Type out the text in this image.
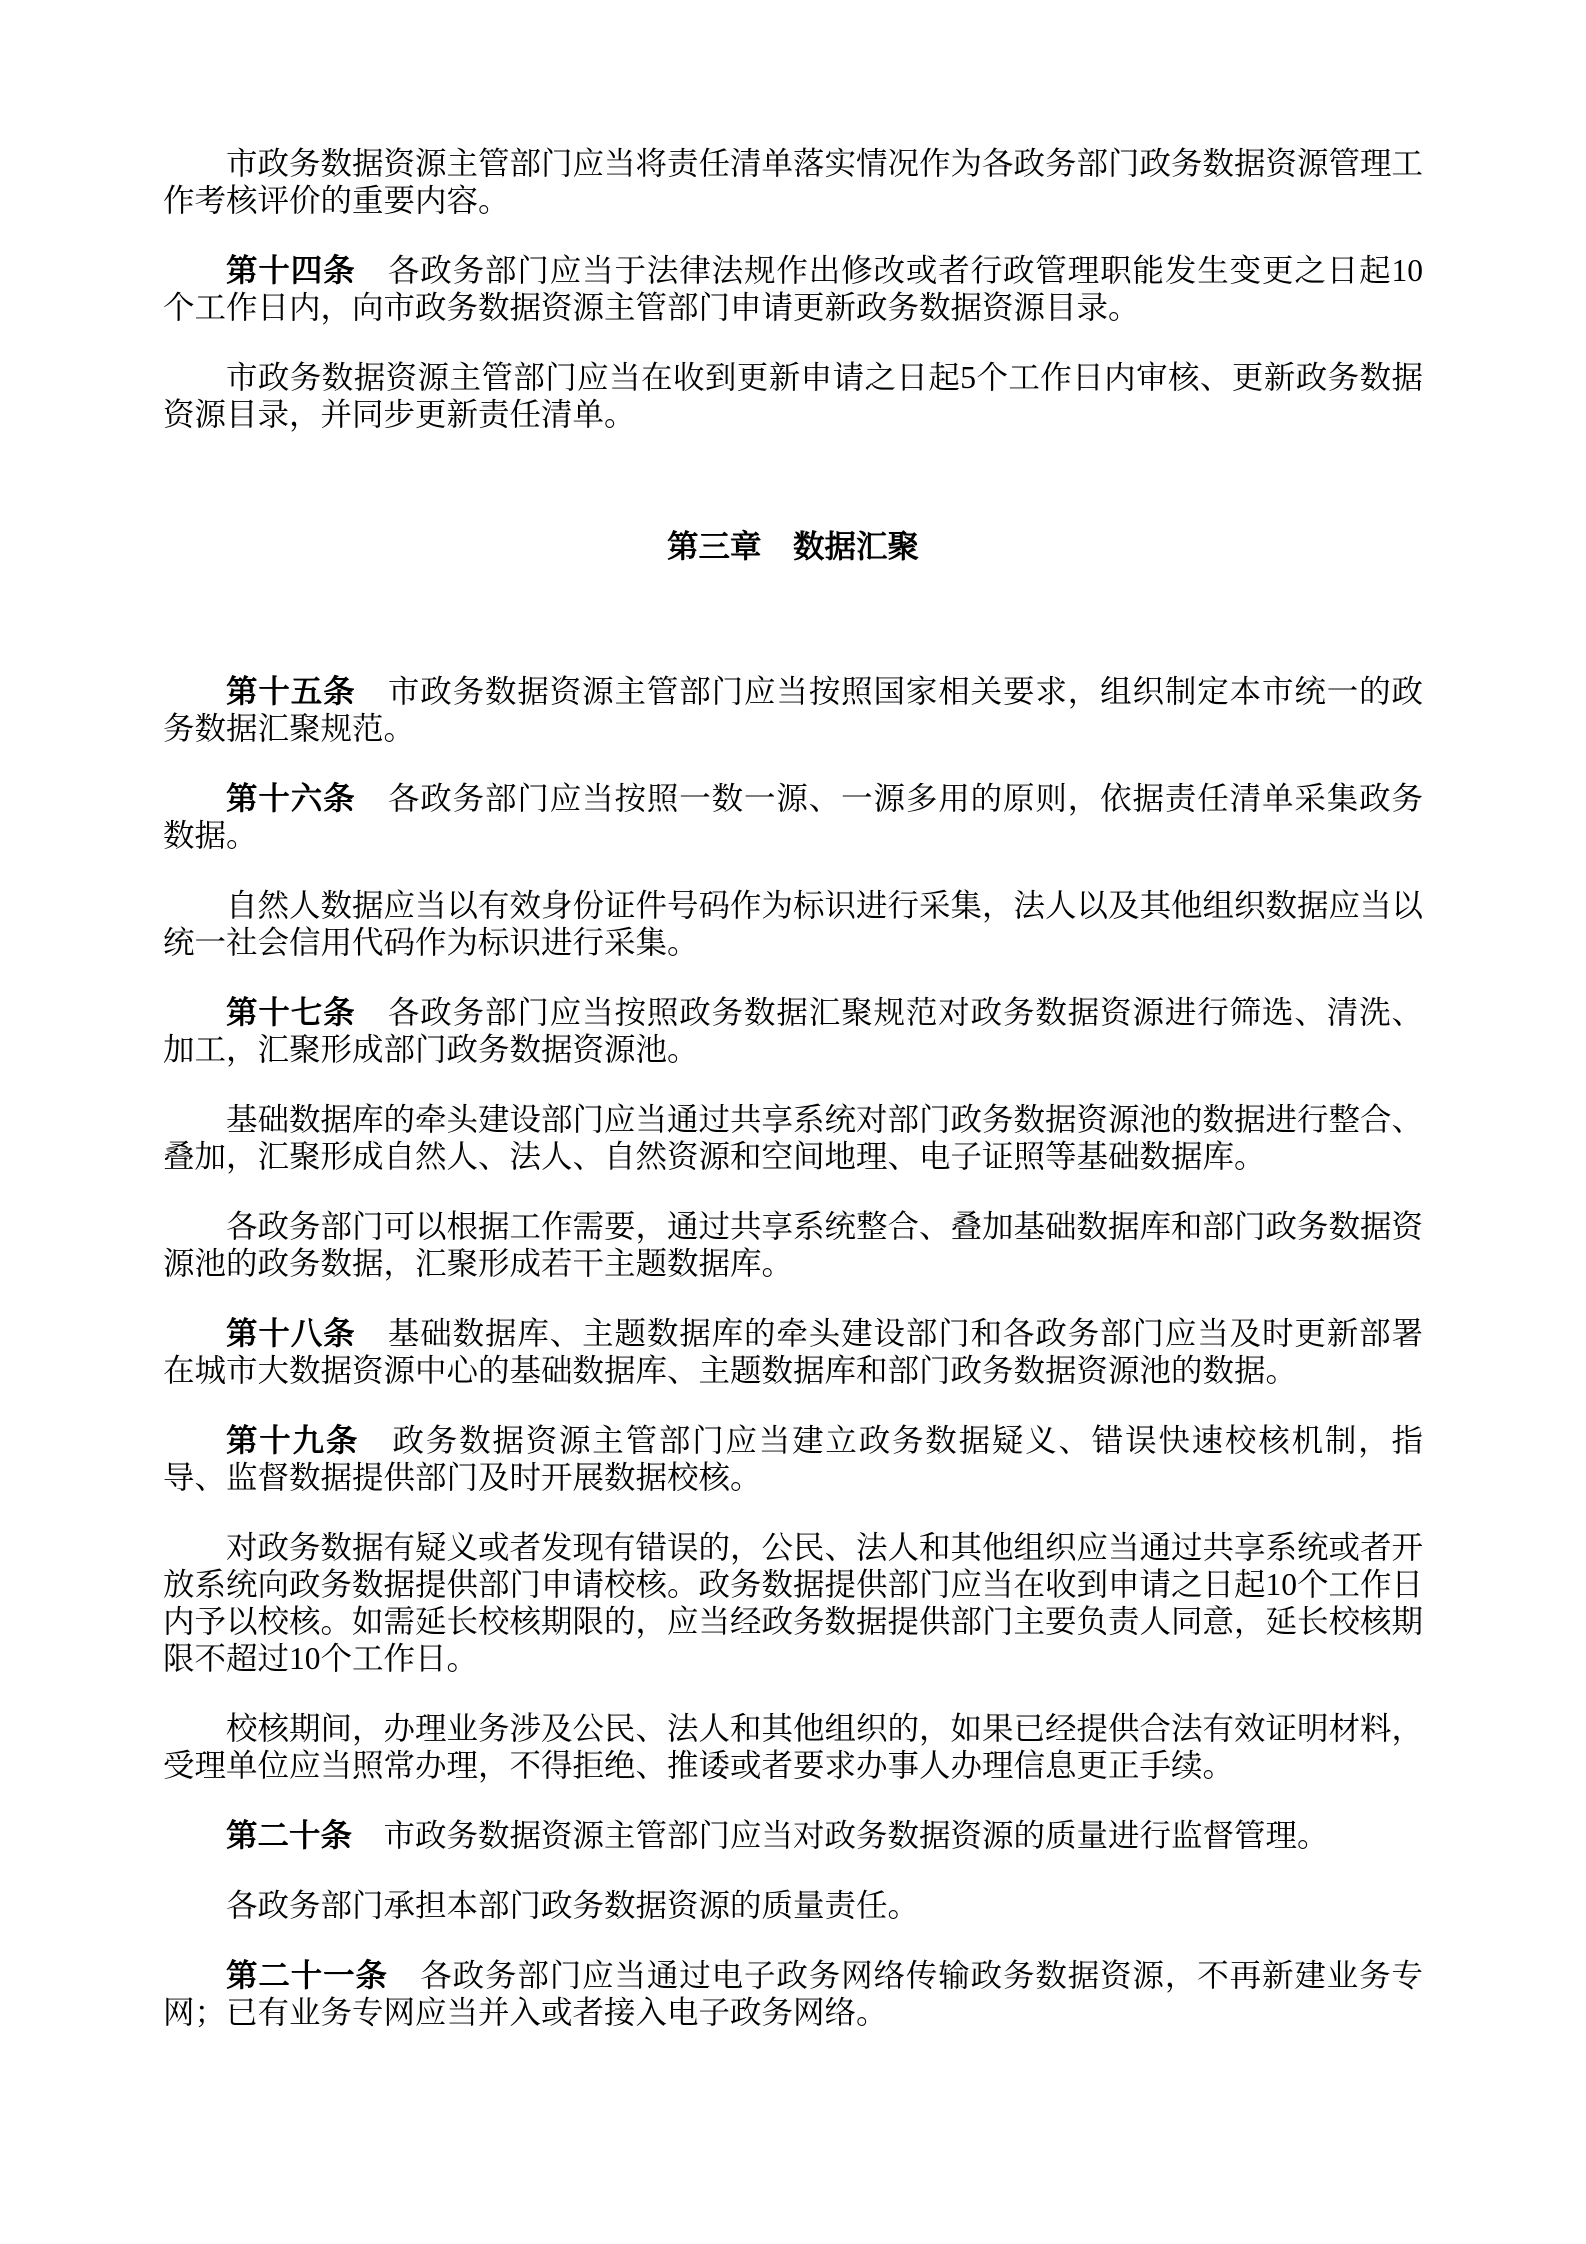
市政务数据资源主管部门应当将责任清单落实情况作为各政务部门政务数据资源管理工作考核评价的重要内容。

第十四条　各政务部门应当于法律法规作出修改或者行政管理职能发生变更之日起10个工作日内，向市政务数据资源主管部门申请更新政务数据资源目录。

市政务数据资源主管部门应当在收到更新申请之日起5个工作日内审核、更新政务数据资源目录，并同步更新责任清单。

第三章　数据汇聚

第十五条　市政务数据资源主管部门应当按照国家相关要求，组织制定本市统一的政务数据汇聚规范。

第十六条　各政务部门应当按照一数一源、一源多用的原则，依据责任清单采集政务数据。

自然人数据应当以有效身份证件号码作为标识进行采集，法人以及其他组织数据应当以统一社会信用代码作为标识进行采集。

第十七条　各政务部门应当按照政务数据汇聚规范对政务数据资源进行筛选、清洗、加工，汇聚形成部门政务数据资源池。

基础数据库的牵头建设部门应当通过共享系统对部门政务数据资源池的数据进行整合、叠加，汇聚形成自然人、法人、自然资源和空间地理、电子证照等基础数据库。

各政务部门可以根据工作需要，通过共享系统整合、叠加基础数据库和部门政务数据资源池的政务数据，汇聚形成若干主题数据库。

第十八条　基础数据库、主题数据库的牵头建设部门和各政务部门应当及时更新部署在城市大数据资源中心的基础数据库、主题数据库和部门政务数据资源池的数据。

第十九条　政务数据资源主管部门应当建立政务数据疑义、错误快速校核机制，指导、监督数据提供部门及时开展数据校核。

对政务数据有疑义或者发现有错误的，公民、法人和其他组织应当通过共享系统或者开放系统向政务数据提供部门申请校核。政务数据提供部门应当在收到申请之日起10个工作日内予以校核。如需延长校核期限的，应当经政务数据提供部门主要负责人同意，延长校核期限不超过10个工作日。

校核期间，办理业务涉及公民、法人和其他组织的，如果已经提供合法有效证明材料，受理单位应当照常办理，不得拒绝、推诿或者要求办事人办理信息更正手续。

第二十条　市政务数据资源主管部门应当对政务数据资源的质量进行监督管理。

各政务部门承担本部门政务数据资源的质量责任。

第二十一条　各政务部门应当通过电子政务网络传输政务数据资源，不再新建业务专网；已有业务专网应当并入或者接入电子政务网络。
